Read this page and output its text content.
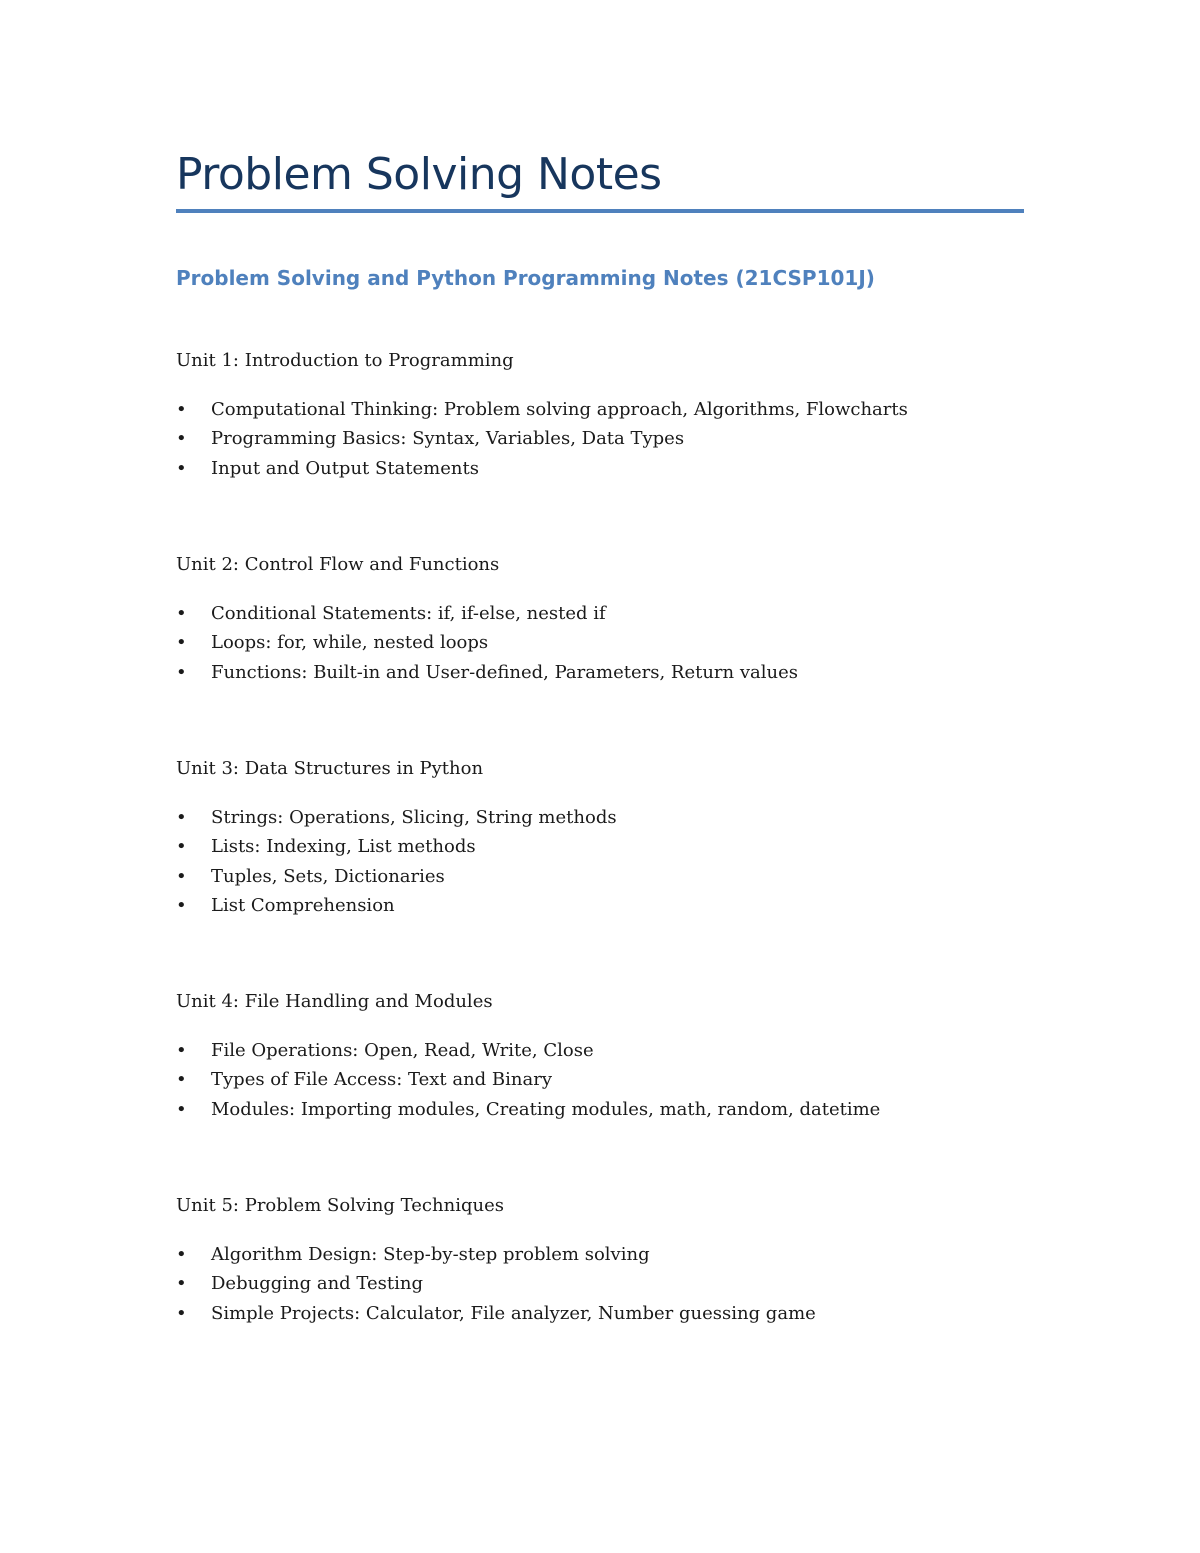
Problem Solving Notes
Problem Solving and Python Programming Notes (21CSP101J)
Unit 1: Introduction to Programming
• Computational Thinking: Problem solving approach, Algorithms, Flowcharts
• Programming Basics: Syntax, Variables, Data Types
• Input and Output Statements
Unit 2: Control Flow and Functions
• Conditional Statements: if, if-else, nested if
• Loops: for, while, nested loops
• Functions: Built-in and User-defined, Parameters, Return values
Unit 3: Data Structures in Python
• Strings: Operations, Slicing, String methods
• Lists: Indexing, List methods
• Tuples, Sets, Dictionaries
• List Comprehension
Unit 4: File Handling and Modules
• File Operations: Open, Read, Write, Close
• Types of File Access: Text and Binary
• Modules: Importing modules, Creating modules, math, random, datetime
Unit 5: Problem Solving Techniques
• Algorithm Design: Step-by-step problem solving
• Debugging and Testing
• Simple Projects: Calculator, File analyzer, Number guessing game
